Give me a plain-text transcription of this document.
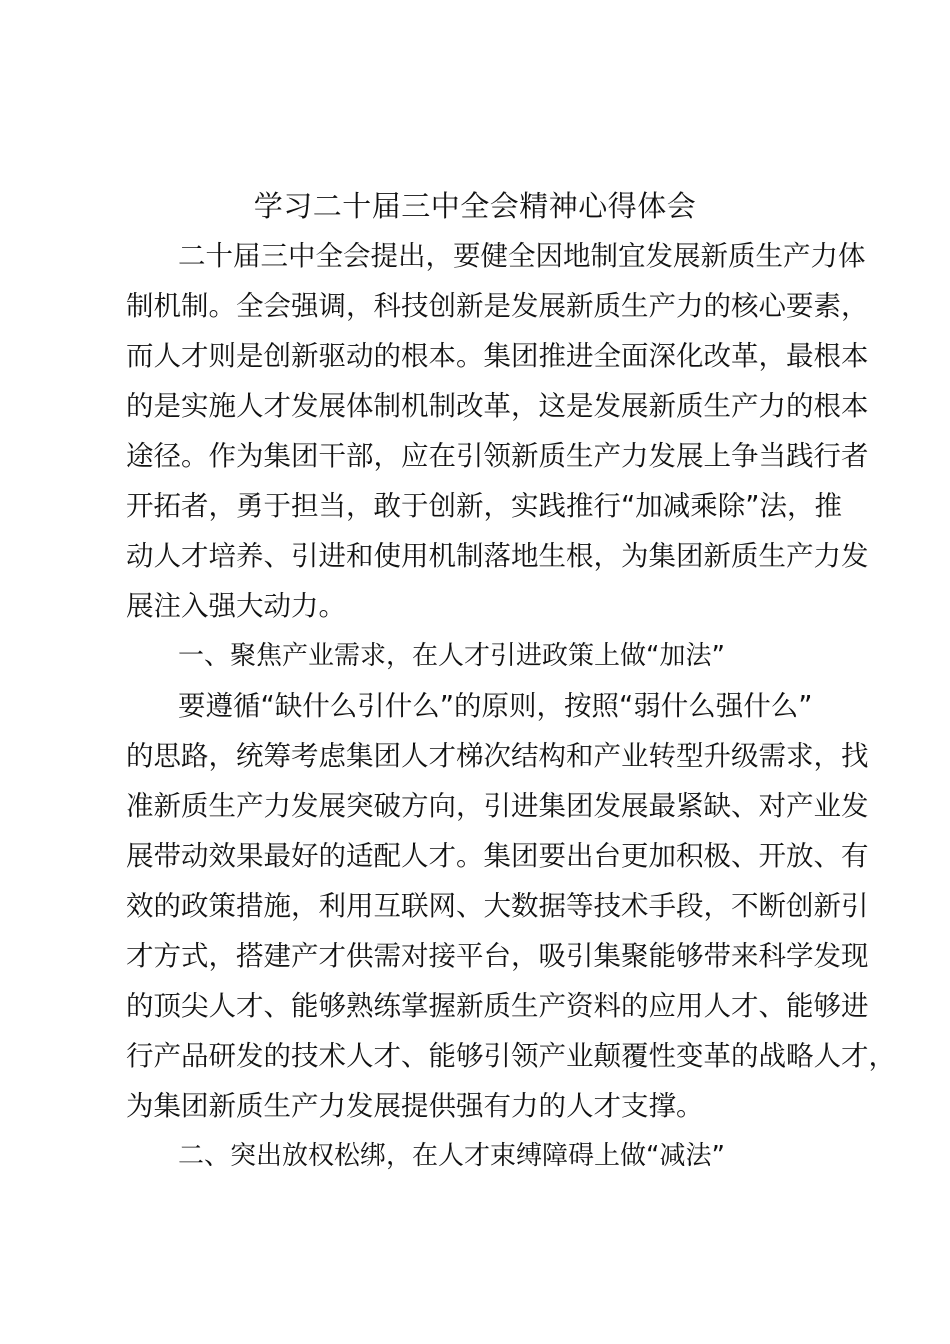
学习二十届三中全会精神心得体会

二十届三中全会提出，要健全因地制宜发展新质生产力体

制机制。全会强调，科技创新是发展新质生产力的核心要素，

而人才则是创新驱动的根本。集团推进全面深化改革，最根本

的是实施人才发展体制机制改革，这是发展新质生产力的根本

途径。作为集团干部，应在引领新质生产力发展上争当践行者

开拓者，勇于担当，敢于创新，实践推行“加减乘除”法，推

动人才培养、引进和使用机制落地生根，为集团新质生产力发

展注入强大动力。

一、聚焦产业需求，在人才引进政策上做“加法”

要遵循“缺什么引什么”的原则，按照“弱什么强什么”

的思路，统筹考虑集团人才梯次结构和产业转型升级需求，找

准新质生产力发展突破方向，引进集团发展最紧缺、对产业发

展带动效果最好的适配人才。集团要出台更加积极、开放、有

效的政策措施，利用互联网、大数据等技术手段，不断创新引

才方式，搭建产才供需对接平台，吸引集聚能够带来科学发现

的顶尖人才、能够熟练掌握新质生产资料的应用人才、能够进

行产品研发的技术人才、能够引领产业颠覆性变革的战略人才，

为集团新质生产力发展提供强有力的人才支撑。

二、突出放权松绑，在人才束缚障碍上做“减法”
